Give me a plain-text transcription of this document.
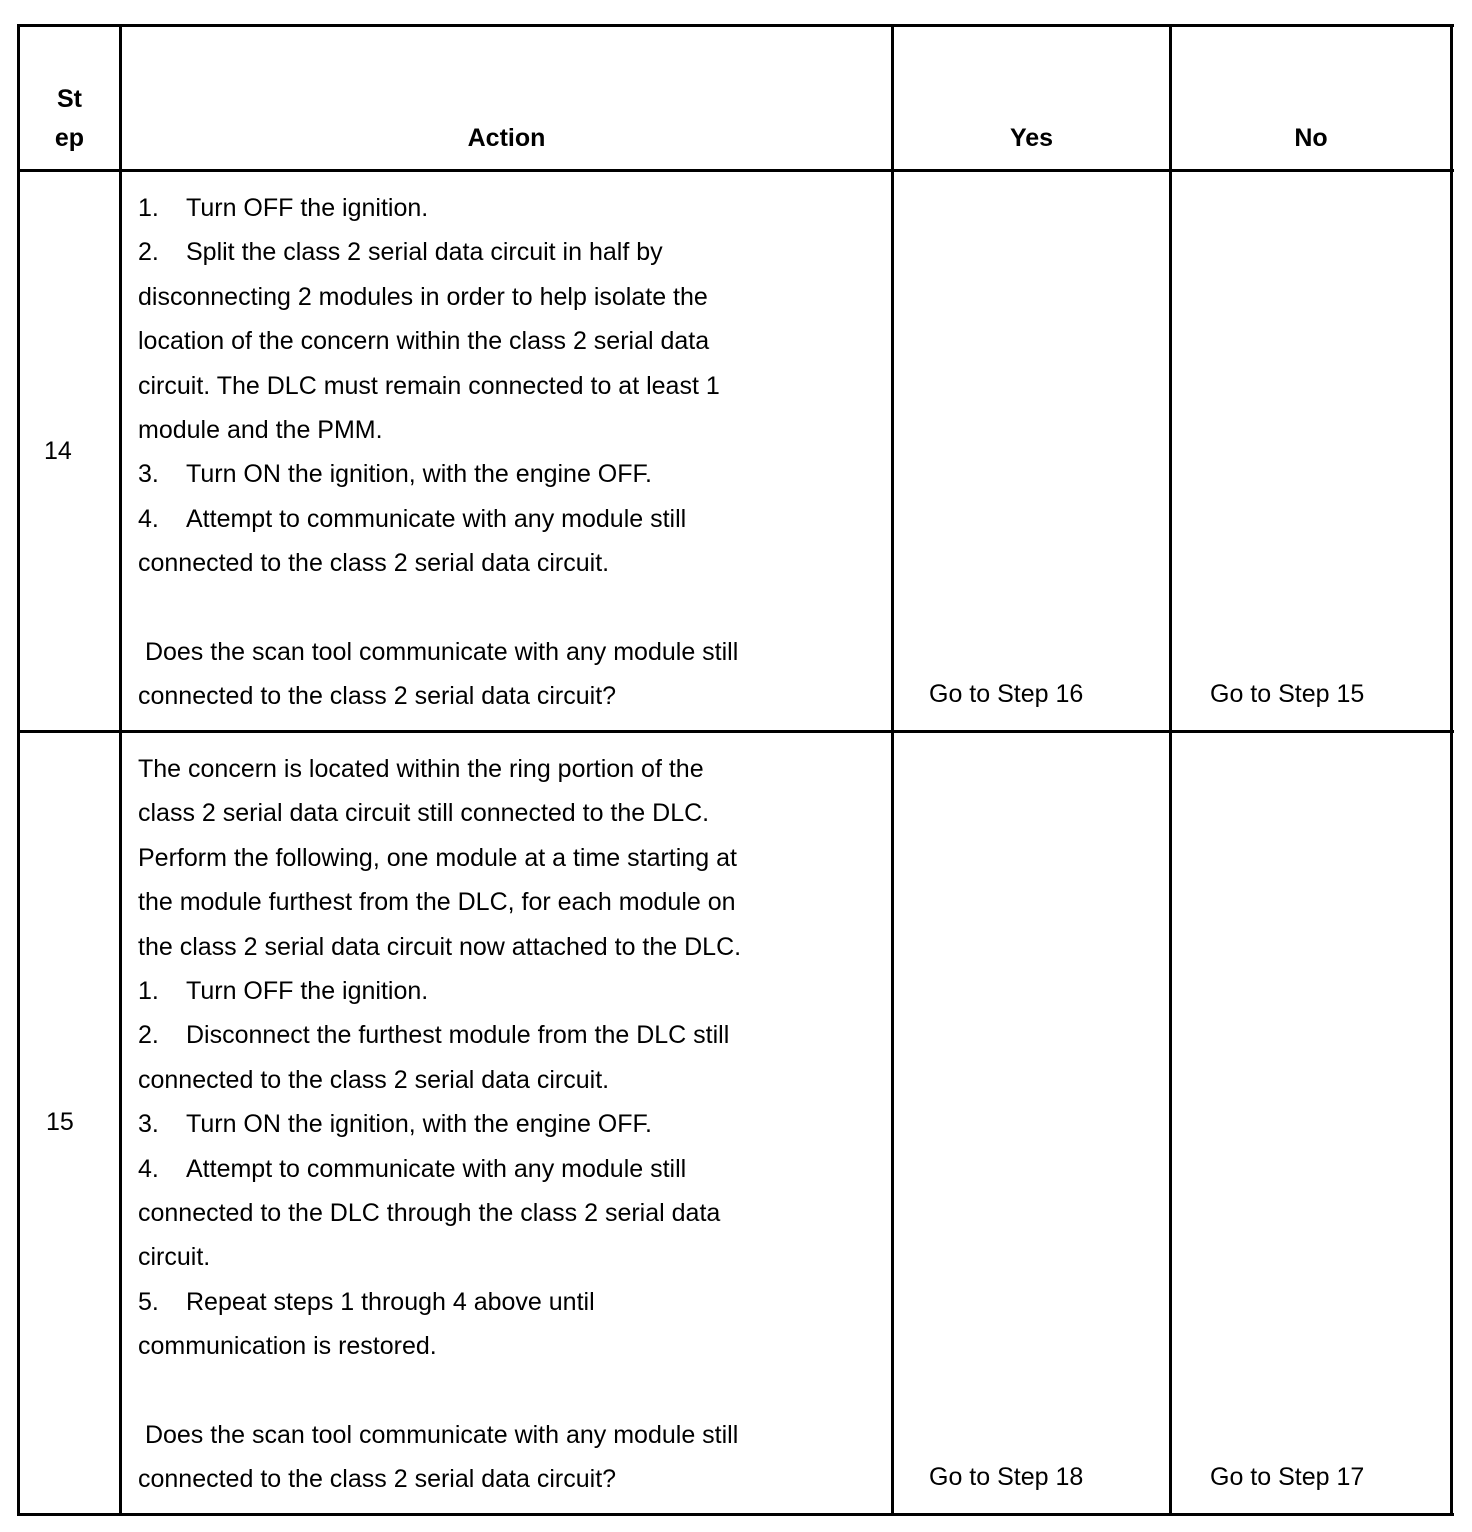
St
ep	Action	Yes	No
14
1. Turn OFF the ignition.
2. Split the class 2 serial data circuit in half by
disconnecting 2 modules in order to help isolate the
location of the concern within the class 2 serial data
circuit. The DLC must remain connected to at least 1
module and the PMM.
3. Turn ON the ignition, with the engine OFF.
4. Attempt to communicate with any module still
connected to the class 2 serial data circuit.
Does the scan tool communicate with any module still
connected to the class 2 serial data circuit?	Go to Step 16	Go to Step 15
15
The concern is located within the ring portion of the
class 2 serial data circuit still connected to the DLC.
Perform the following, one module at a time starting at
the module furthest from the DLC, for each module on
the class 2 serial data circuit now attached to the DLC.
1. Turn OFF the ignition.
2. Disconnect the furthest module from the DLC still
connected to the class 2 serial data circuit.
3. Turn ON the ignition, with the engine OFF.
4. Attempt to communicate with any module still
connected to the DLC through the class 2 serial data
circuit.
5. Repeat steps 1 through 4 above until
communication is restored.
Does the scan tool communicate with any module still
connected to the class 2 serial data circuit?	Go to Step 18	Go to Step 17
